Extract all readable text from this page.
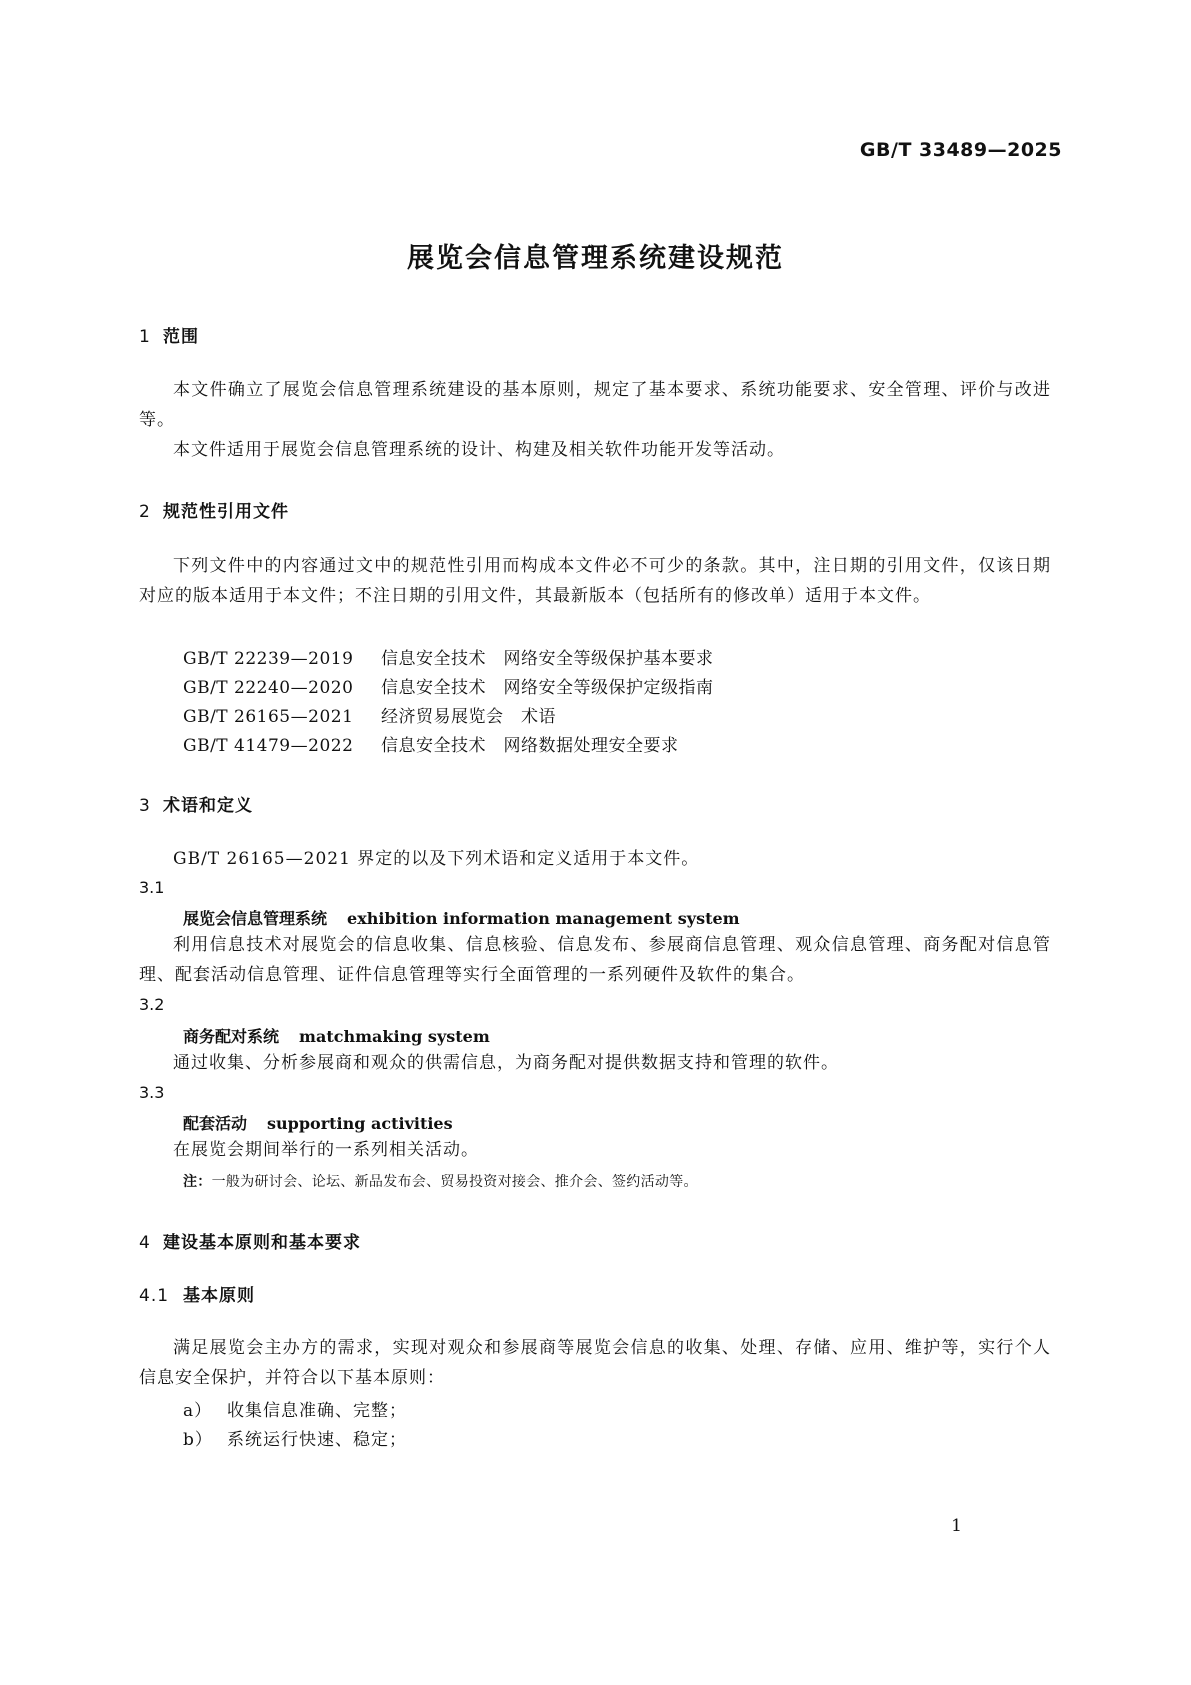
GB/T 33489—2025
展览会信息管理系统建设规范
1 范围
本文件确立了展览会信息管理系统建设的基本原则，规定了基本要求、系统功能要求、安全管理、评价与改进等。
本文件适用于展览会信息管理系统的设计、构建及相关软件功能开发等活动。
2 规范性引用文件
下列文件中的内容通过文中的规范性引用而构成本文件必不可少的条款。其中，注日期的引用文件，仅该日期对应的版本适用于本文件；不注日期的引用文件，其最新版本（包括所有的修改单）适用于本文件。
GB/T 22239—2019 信息安全技术　网络安全等级保护基本要求
GB/T 22240—2020 信息安全技术　网络安全等级保护定级指南
GB/T 26165—2021 经济贸易展览会　术语
GB/T 41479—2022 信息安全技术　网络数据处理安全要求
3 术语和定义
GB/T 26165—2021 界定的以及下列术语和定义适用于本文件。
3.1
展览会信息管理系统 exhibition information management system
利用信息技术对展览会的信息收集、信息核验、信息发布、参展商信息管理、观众信息管理、商务配对信息管理、配套活动信息管理、证件信息管理等实行全面管理的一系列硬件及软件的集合。
3.2
商务配对系统 matchmaking system
通过收集、分析参展商和观众的供需信息，为商务配对提供数据支持和管理的软件。
3.3
配套活动 supporting activities
在展览会期间举行的一系列相关活动。
注：一般为研讨会、论坛、新品发布会、贸易投资对接会、推介会、签约活动等。
4 建设基本原则和基本要求
4.1 基本原则
满足展览会主办方的需求，实现对观众和参展商等展览会信息的收集、处理、存储、应用、维护等，实行个人信息安全保护，并符合以下基本原则：
a） 收集信息准确、完整；
b） 系统运行快速、稳定；
1
